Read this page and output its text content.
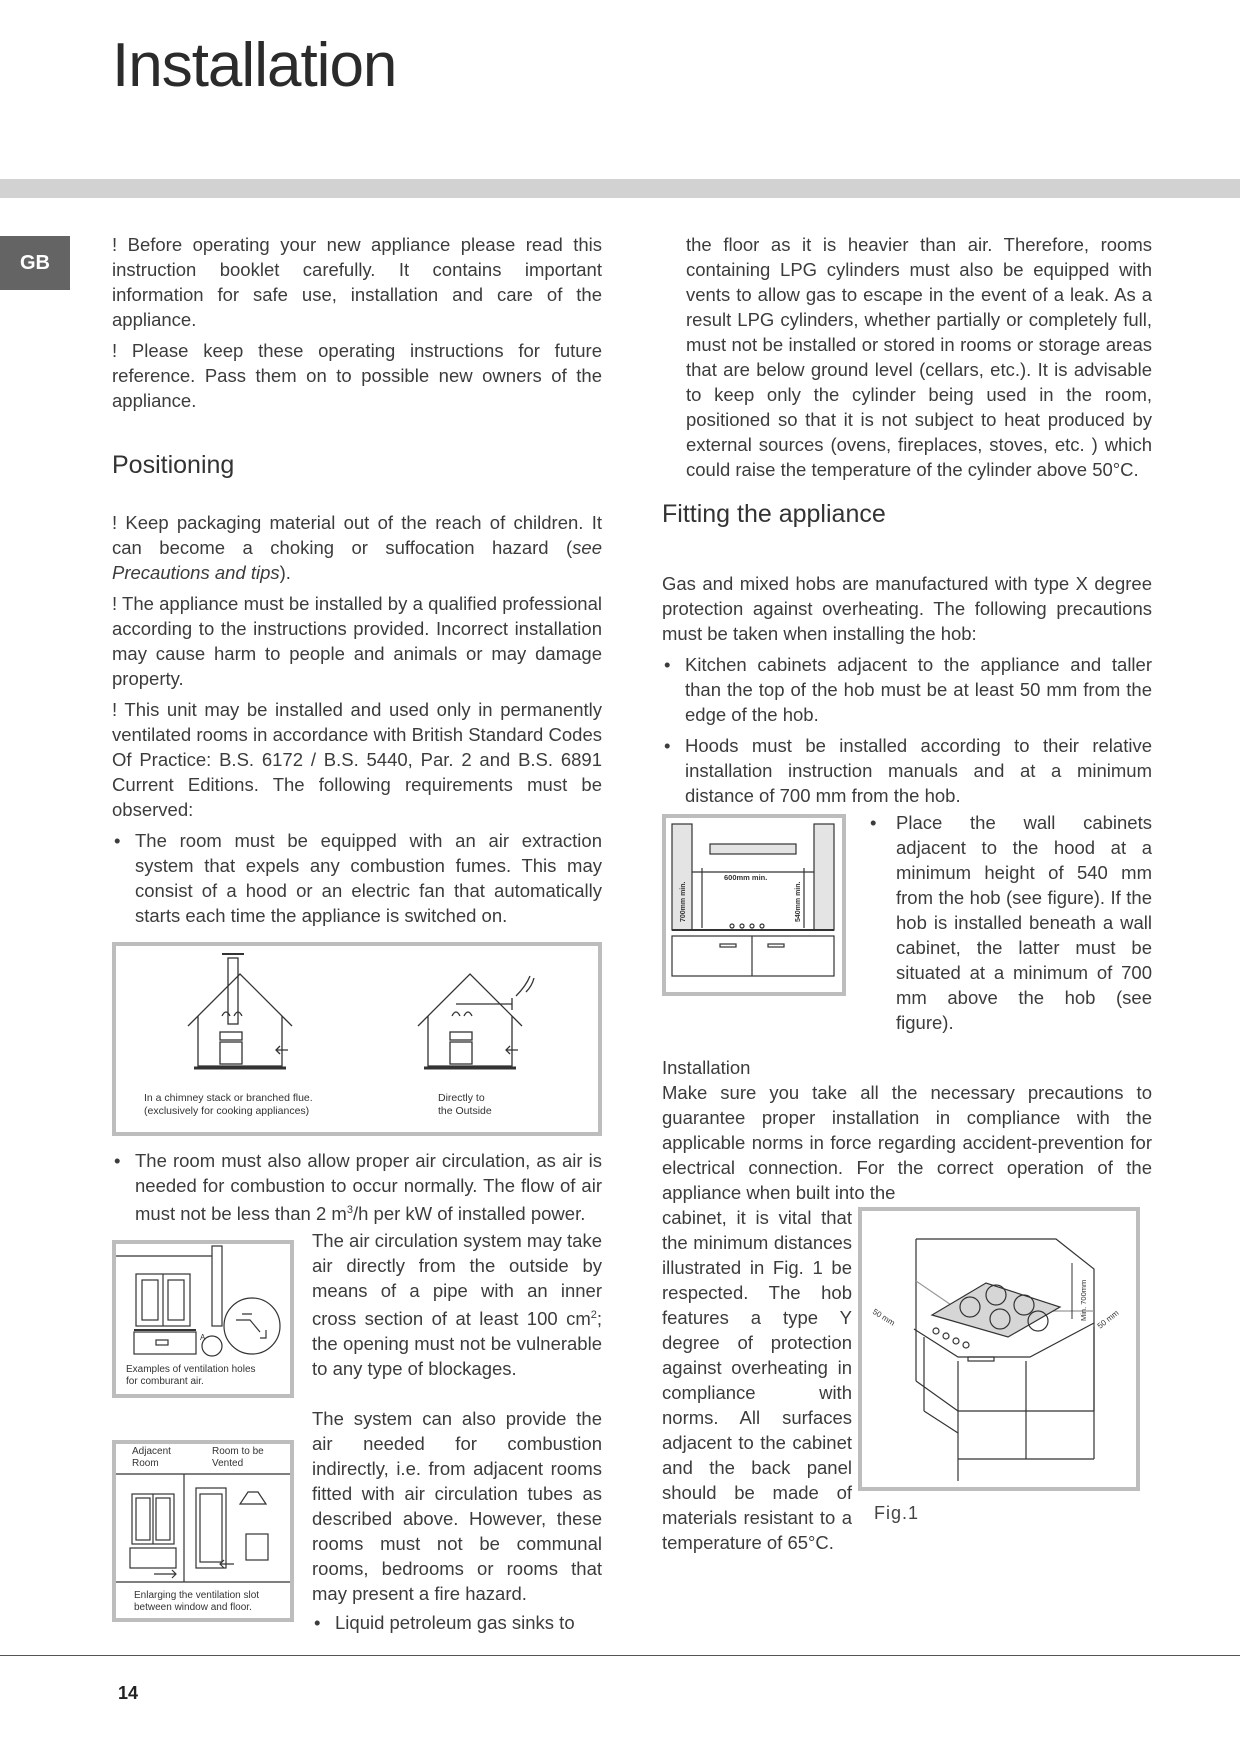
Installation
GB

! Before operating your new appliance please read this instruction booklet carefully. It contains important information for safe use, installation and care of the appliance.

! Please keep these operating instructions for future reference. Pass them on to possible new owners of the appliance.

Positioning

! Keep packaging material out of the reach of children. It can become a choking or suffocation hazard (see Precautions and tips).

! The appliance must be installed by a qualified professional according to the instructions provided. Incorrect installation may cause harm to people and animals or may damage property.

! This unit may be installed and used only in permanently ventilated rooms in accordance with British Standard Codes Of Practice: B.S. 6172 / B.S. 5440, Par. 2 and B.S. 6891 Current Editions. The following requirements must be observed:

• The room must be equipped with an air extraction system that expels any combustion fumes. This may consist of a hood or an electric fan that automatically starts each time the appliance is switched on.
In a chimney stack or branched flue.
(exclusively for cooking appliances)
Directly to
the Outside
• The room must also allow proper air circulation, as air is needed for combustion to occur normally. The flow of air must not be less than 2 $m^3/h$ per kW of installed power.
A
Examples of ventilation holes
for comburant air.
Adjacent
Room
Room to be
Vented
Enlarging the ventilation slot
between window and floor.

The air circulation system may take air directly from the outside by means of a pipe with an inner cross section of at least 100 $cm^2$; the opening must not be vulnerable to any type of blockages.

The system can also provide the air needed for combustion indirectly, i.e. from adjacent rooms fitted with air circulation tubes as described above. However, these rooms must not be communal rooms, bedrooms or rooms that may present a fire hazard.

• Liquid petroleum gas sinks to

the floor as it is heavier than air. Therefore, rooms containing LPG cylinders must also be equipped with vents to allow gas to escape in the event of a leak. As a result LPG cylinders, whether partially or completely full, must not be installed or stored in rooms or storage areas that are below ground level (cellars, etc.). It is advisable to keep only the cylinder being used in the room, positioned so that it is not subject to heat produced by external sources (ovens, fireplaces, stoves, etc. ) which could raise the temperature of the cylinder above 50°C.

Fitting the appliance

Gas and mixed hobs are manufactured with type X degree protection against overheating. The following precautions must be taken when installing the hob:

• Kitchen cabinets adjacent to the appliance and taller than the top of the hob must be at least 50 mm from the edge of the hob.
• Hoods must be installed according to their relative installation instruction manuals and at a minimum distance of 700 mm from the hob.
600mm min.
700mm min.	540mm min.
• Place the wall cabinets adjacent to the hood at a minimum height of 540 mm from the hob (see figure). If the hob is installed beneath a wall cabinet, the latter must be situated at a minimum of 700 mm above the hob (see figure).
Installation

Make sure you take all the necessary precautions to guarantee proper installation in compliance with the applicable norms in force regarding accident-prevention for electrical connection. For the correct operation of the appliance when built into the

cabinet, it is vital that the minimum distances illustrated in Fig. 1 be respected. The hob features a type Y degree of protection against overheating in compliance with norms. All surfaces adjacent to the cabinet and the back panel should be made of materials resistant to a temperature of 65°C.

50 mm	50 mm
Min. 700mm
Fig.1
14
